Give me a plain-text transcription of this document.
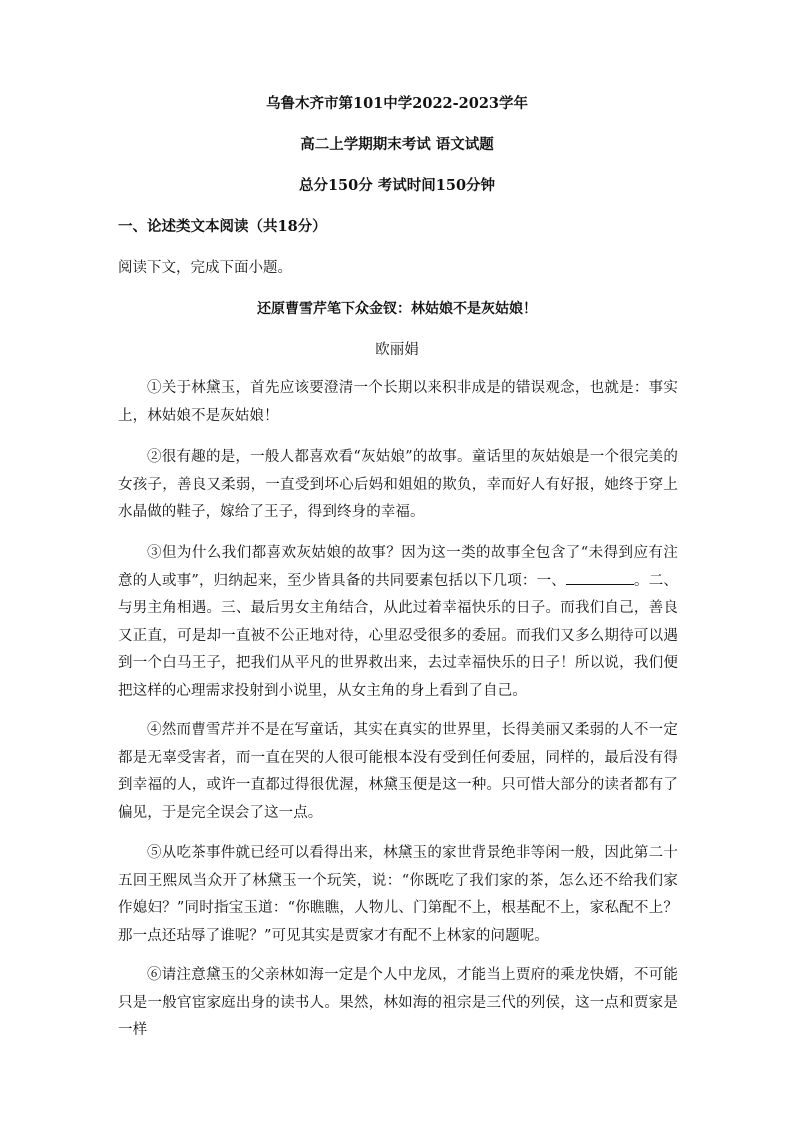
乌鲁木齐市第101中学2022-2023学年
高二上学期期末考试 语文试题
总分150分 考试时间150分钟
一、论述类文本阅读（共18分）
阅读下文，完成下面小题。
还原曹雪芹笔下众金钗：林姑娘不是灰姑娘！
欧丽娟
①关于林黛玉，首先应该要澄清一个长期以来积非成是的错误观念，也就是：事实上，林姑娘不是灰姑娘！
②很有趣的是，一般人都喜欢看“灰姑娘”的故事。童话里的灰姑娘是一个很完美的女孩子，善良又柔弱，一直受到坏心后妈和姐姐的欺负，幸而好人有好报，她终于穿上水晶做的鞋子，嫁给了王子，得到终身的幸福。
③但为什么我们都喜欢灰姑娘的故事？因为这一类的故事全包含了“未得到应有注意的人或事”，归纳起来，至少皆具备的共同要素包括以下几项：一、	。二、与男主角相遇。三、最后男女主角结合，从此过着幸福快乐的日子。而我们自己，善良又正直，可是却一直被不公正地对待，心里忍受很多的委屈。而我们又多么期待可以遇到一个白马王子，把我们从平凡的世界救出来，去过幸福快乐的日子！所以说，我们便把这样的心理需求投射到小说里，从女主角的身上看到了自己。
④然而曹雪芹并不是在写童话，其实在真实的世界里，长得美丽又柔弱的人不一定都是无辜受害者，而一直在哭的人很可能根本没有受到任何委屈，同样的，最后没有得到幸福的人，或许一直都过得很优渥，林黛玉便是这一种。只可惜大部分的读者都有了偏见，于是完全误会了这一点。
⑤从吃茶事件就已经可以看得出来，林黛玉的家世背景绝非等闲一般，因此第二十五回王熙凤当众开了林黛玉一个玩笑，说：“你既吃了我们家的茶，怎么还不给我们家作媳妇？”同时指宝玉道：“你瞧瞧，人物儿、门第配不上，根基配不上，家私配不上？那一点还玷辱了谁呢？”可见其实是贾家才有配不上林家的问题呢。
⑥请注意黛玉的父亲林如海一定是个人中龙凤，才能当上贾府的乘龙快婿，不可能只是一般官宦家庭出身的读书人。果然，林如海的祖宗是三代的列侯，这一点和贾家是一样
